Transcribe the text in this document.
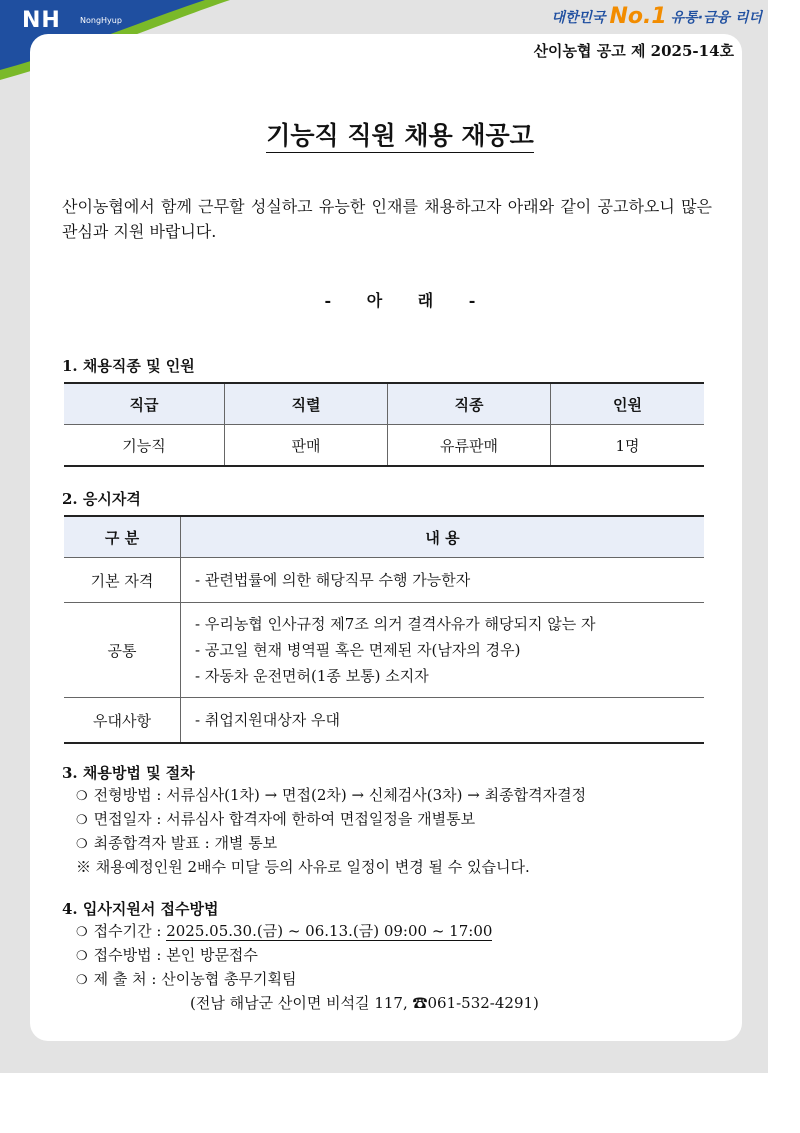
NH NongHyup	대한민국 No.1 유통·금융 리더
산이농협 공고 제 2025-14호
기능직 직원 채용 재공고
산이농협에서 함께 근무할 성실하고 유능한 인재를 채용하고자 아래와 같이 공고하오니 많은 관심과 지원 바랍니다.
- 아 래 -
1. 채용직종 및 인원
직급	직렬	직종	인원
기능직	판매	유류판매	1명
2. 응시자격
구 분	내 용
기본 자격	- 관련법률에 의한 해당직무 수행 가능한자
공통	- 우리농협 인사규정 제7조 의거 결격사유가 해당되지 않는 자
- 공고일 현재 병역필 혹은 면제된 자(남자의 경우)
- 자동차 운전면허(1종 보통) 소지자

우대사항	- 취업지원대상자 우대
3. 채용방법 및 절차
❍ 전형방법 : 서류심사(1차) → 면접(2차) → 신체검사(3차) → 최종합격자결정
❍ 면접일자 : 서류심사 합격자에 한하여 면접일정을 개별통보
❍ 최종합격자 발표 : 개별 통보
※ 채용예정인원 2배수 미달 등의 사유로 일정이 변경 될 수 있습니다.
4. 입사지원서 접수방법
❍ 접수기간 : 2025.05.30.(금) ~ 06.13.(금) 09:00 ~ 17:00
❍ 접수방법 : 본인 방문접수
❍ 제 출 처 : 산이농협 총무기획팀
(전남 해남군 산이면 비석길 117, ☎061-532-4291)
